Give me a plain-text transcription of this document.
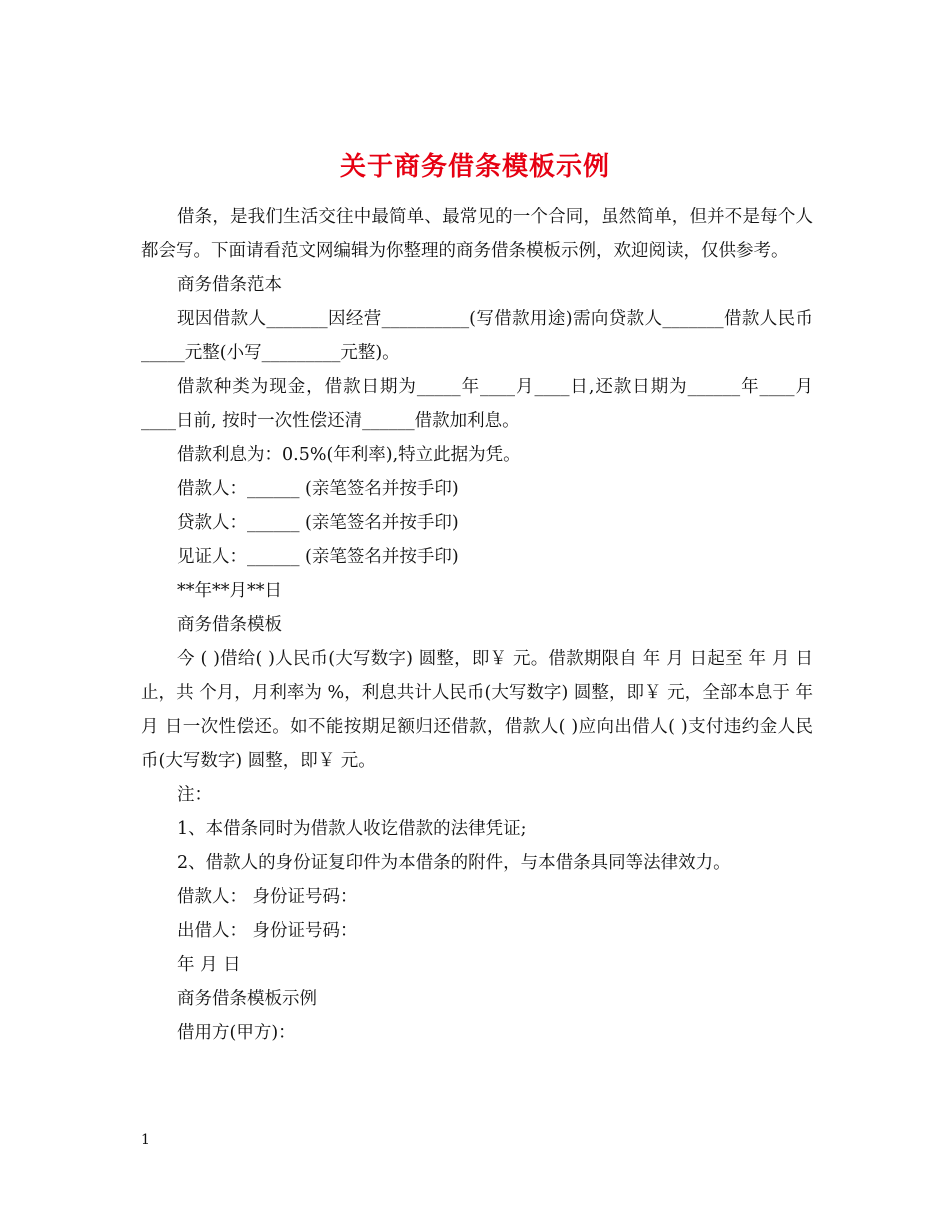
关于商务借条模板示例

借条，是我们生活交往中最简单、最常见的一个合同，虽然简单，但并不是每个人都会写。下面请看范文网编辑为你整理的商务借条模板示例，欢迎阅读，仅供参考。

商务借条范本

现因借款人_______因经营__________(写借款用途)需向贷款人_______借款人民币_____元整(小写_________元整)。

借款种类为现金，借款日期为_____年____月____日,还款日期为______年____月____日前, 按时一次性偿还清______借款加利息。

借款利息为：0.5%(年利率),特立此据为凭。

借款人：______ (亲笔签名并按手印)

贷款人：______ (亲笔签名并按手印)

见证人：______ (亲笔签名并按手印)

**年**月**日

商务借条模板

今 ( )借给( )人民币(大写数字) 圆整，即￥ 元。借款期限自 年 月 日起至 年 月 日止，共 个月，月利率为 %，利息共计人民币(大写数字) 圆整，即￥ 元，全部本息于 年 月 日一次性偿还。如不能按期足额归还借款，借款人( )应向出借人( )支付违约金人民币(大写数字) 圆整，即￥ 元。

注：

1、本借条同时为借款人收讫借款的法律凭证;

2、借款人的身份证复印件为本借条的附件，与本借条具同等法律效力。

借款人： 身份证号码：

出借人： 身份证号码：

年 月 日

商务借条模板示例

借用方(甲方)：

1
